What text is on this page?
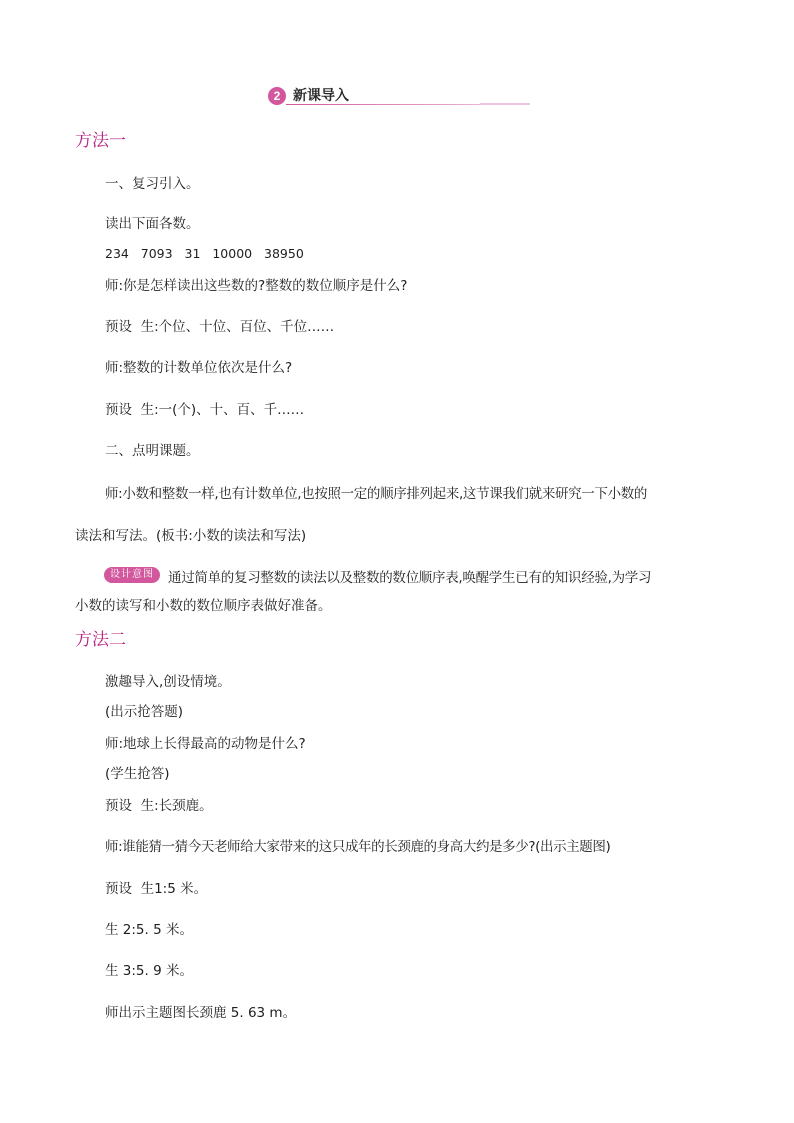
2 新课导入
方法一
一、复习引入。
读出下面各数。
234   7093   31   10000   38950
师:你是怎样读出这些数的?整数的数位顺序是什么?
预设  生:个位、十位、百位、千位……
师:整数的计数单位依次是什么?
预设  生:一(个)、十、百、千……
二、点明课题。
师:小数和整数一样,也有计数单位,也按照一定的顺序排列起来,这节课我们就来研究一下小数的
读法和写法。(板书:小数的读法和写法)
设计意图	通过简单的复习整数的读法以及整数的数位顺序表,唤醒学生已有的知识经验,为学习
小数的读写和小数的数位顺序表做好准备。
方法二
激趣导入,创设情境。
(出示抢答题)
师:地球上长得最高的动物是什么?
(学生抢答)
预设  生:长颈鹿。
师:谁能猜一猜今天老师给大家带来的这只成年的长颈鹿的身高大约是多少?(出示主题图)
预设  生1:5 米。
生 2:5. 5 米。
生 3:5. 9 米。
师出示主题图长颈鹿 5. 63 m。
